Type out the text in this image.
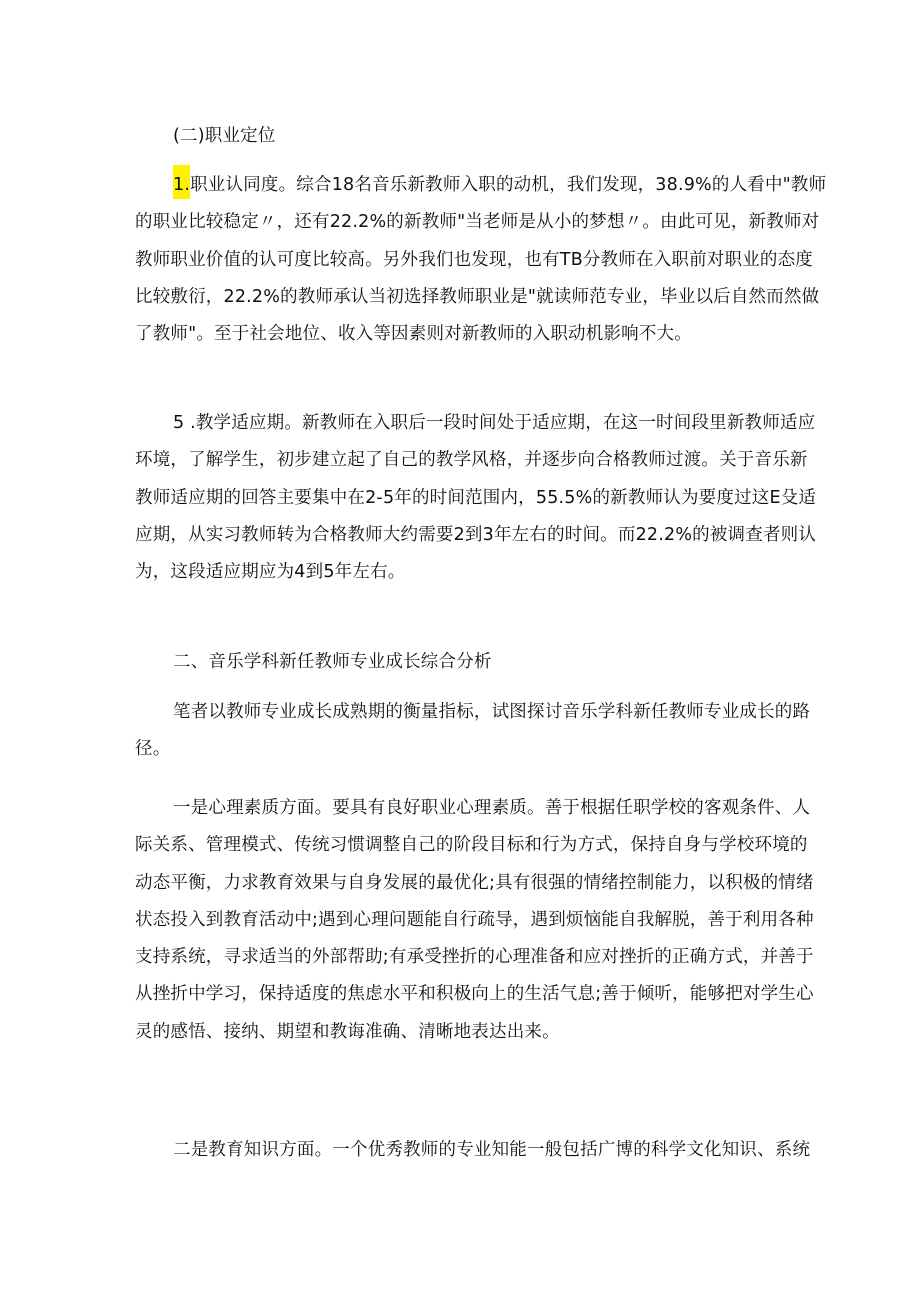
(二)职业定位
1.职业认同度。综合18名音乐新教师入职的动机，我们发现，38.9%的人看中"教师
的职业比较稳定〃，还有22.2%的新教师"当老师是从小的梦想〃。由此可见，新教师对
教师职业价值的认可度比较高。另外我们也发现，也有TB分教师在入职前对职业的态度
比较敷衍，22.2%的教师承认当初选择教师职业是"就读师范专业，毕业以后自然而然做
了教师"。至于社会地位、收入等因素则对新教师的入职动机影响不大。
5 .教学适应期。新教师在入职后一段时间处于适应期，在这一时间段里新教师适应
环境，了解学生，初步建立起了自己的教学风格，并逐步向合格教师过渡。关于音乐新
教师适应期的回答主要集中在2-5年的时间范围内，55.5%的新教师认为要度过这E殳适
应期，从实习教师转为合格教师大约需要2到3年左右的时间。而22.2%的被调查者则认
为，这段适应期应为4到5年左右。
二、音乐学科新任教师专业成长综合分析
笔者以教师专业成长成熟期的衡量指标，试图探讨音乐学科新任教师专业成长的路
径。
一是心理素质方面。要具有良好职业心理素质。善于根据任职学校的客观条件、人
际关系、管理模式、传统习惯调整自己的阶段目标和行为方式，保持自身与学校环境的
动态平衡，力求教育效果与自身发展的最优化;具有很强的情绪控制能力，以积极的情绪
状态投入到教育活动中;遇到心理问题能自行疏导，遇到烦恼能自我解脱，善于利用各种
支持系统，寻求适当的外部帮助;有承受挫折的心理准备和应对挫折的正确方式，并善于
从挫折中学习，保持适度的焦虑水平和积极向上的生活气息;善于倾听，能够把对学生心
灵的感悟、接纳、期望和教诲准确、清晰地表达出来。
二是教育知识方面。一个优秀教师的专业知能一般包括广博的科学文化知识、系统
